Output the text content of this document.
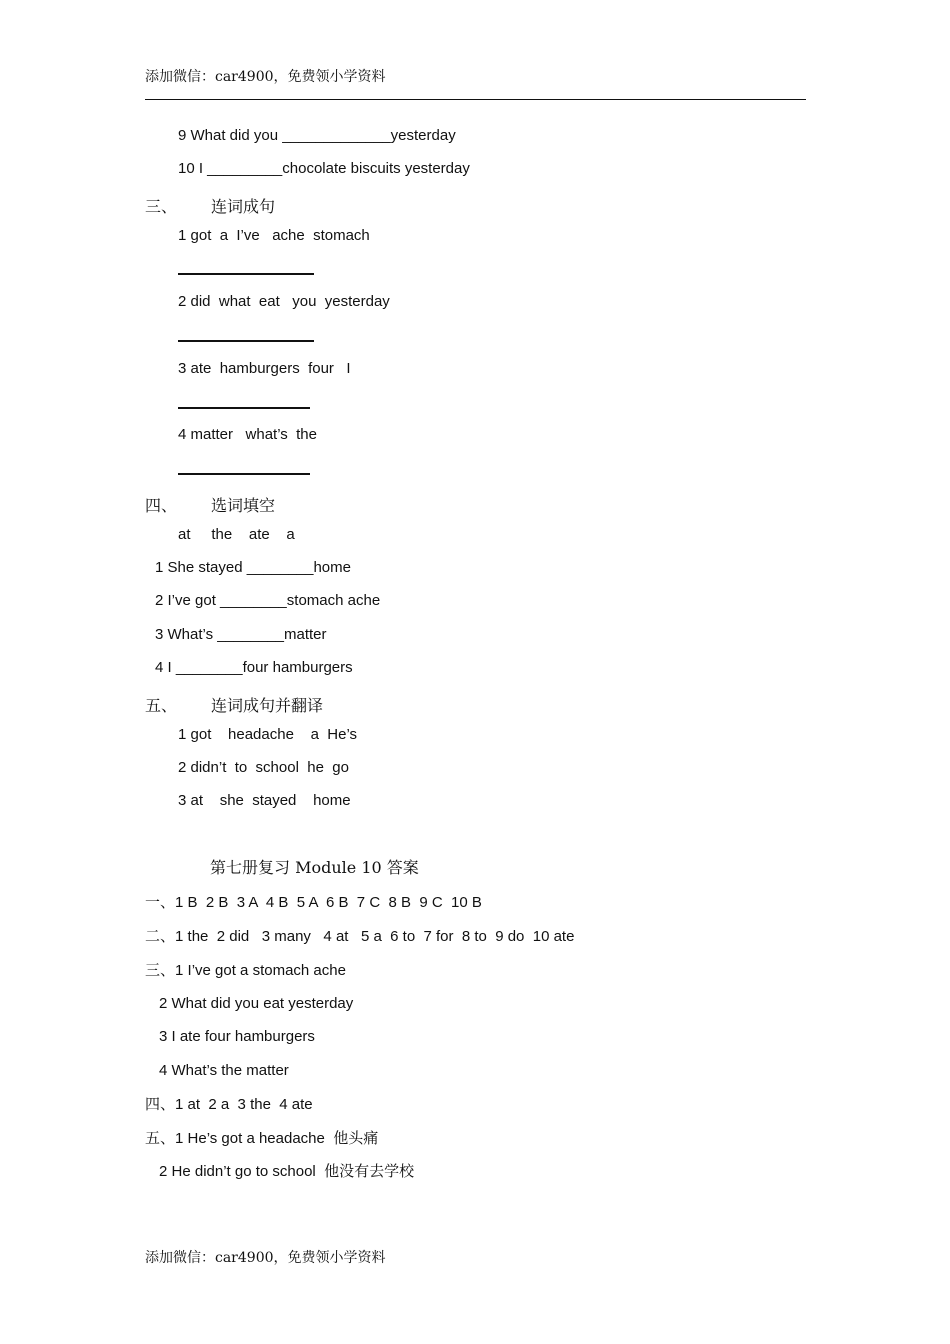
添加微信：car4900，免费领小学资料
9 What did you _____________yesterday
10 I _________chocolate biscuits yesterday
三、 连词成句
1 got  a  I’ve   ache  stomach
2 did  what  eat   you  yesterday
3 ate  hamburgers  four   I
4 matter   what’s  the
四、 选词填空
at     the    ate    a
1 She stayed ________home
2 I’ve got ________stomach ache
3 What’s ________matter
4 I ________four hamburgers
五、 连词成句并翻译
1 got    headache    a  He’s
2 didn’t  to  school  he  go
3 at    she  stayed    home
第七册复习 Module 10 答案
一、1 B  2 B  3 A  4 B  5 A  6 B  7 C  8 B  9 C  10 B
二、1 the  2 did   3 many   4 at   5 a  6 to  7 for  8 to  9 do  10 ate
三、1 I’ve got a stomach ache
2 What did you eat yesterday
3 I ate four hamburgers
4 What’s the matter
四、1 at  2 a  3 the  4 ate
五、1 He’s got a headache  他头痛
2 He didn’t go to school  他没有去学校
添加微信：car4900，免费领小学资料
